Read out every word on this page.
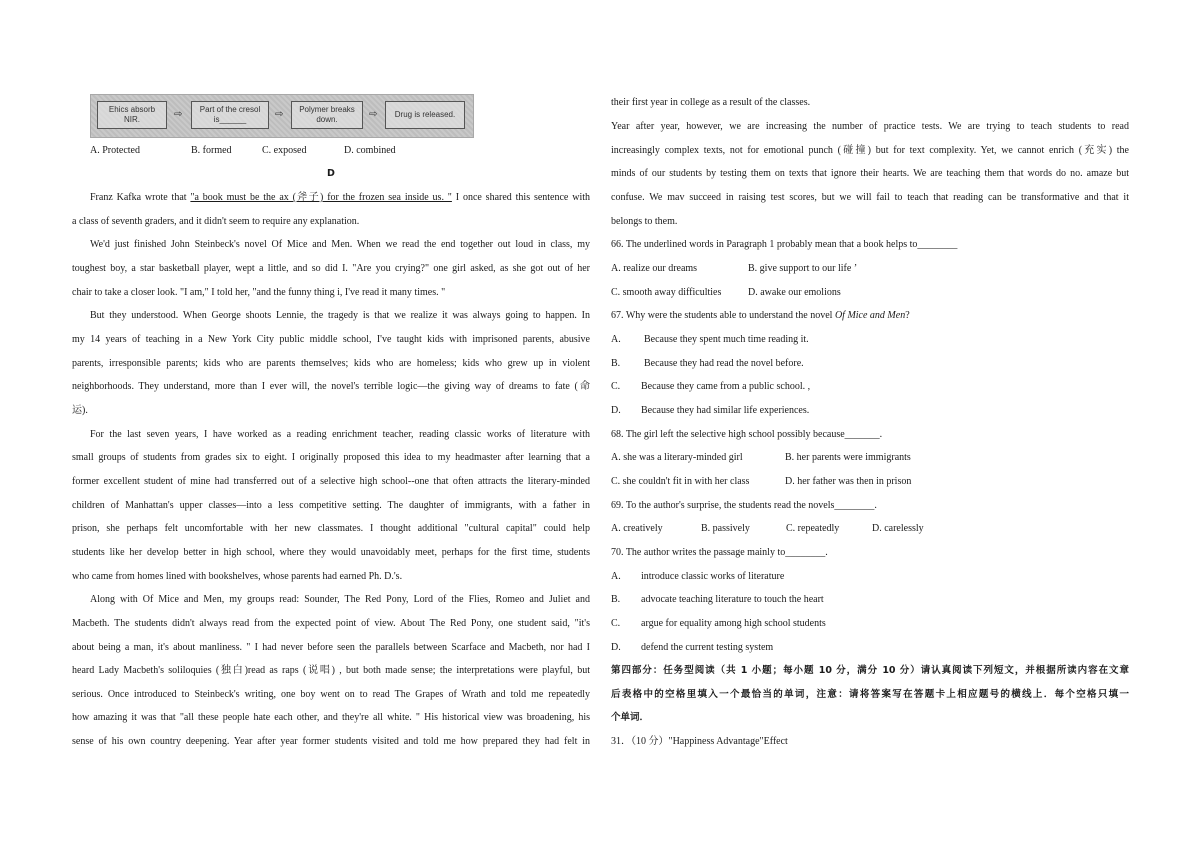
Ehics absorb NIR.	⇨ Part of the cresol
is______	⇨ Polymer breaks
down.	⇨ Drug is released.
A. Protected	B. formed	C. exposed	D. combined
D
Franz Kafka wrote that "a book must be the ax (斧子) for the frozen sea inside us. " I once shared this sentence with
a class of seventh graders, and it didn't seem to require any explanation.
We'd just finished John Steinbeck's novel Of Mice and Men. When we read the end together out loud in class, my
toughest boy, a star basketball player, wept a little, and so did I. "Are you crying?" one girl asked, as she got out of her
chair to take a closer look. "I am," I told her, "and the funny thing i, I've read it many times. "
But they understood. When George shoots Lennie, the tragedy is that we realize it was always going to happen. In
my 14 years of teaching in a New York City public middle school, I've taught kids with imprisoned parents, abusive
parents, irresponsible parents; kids who are parents themselves; kids who are homeless; kids who grew up in violent
neighborhoods. They understand, more than I ever will, the novel's terrible logic—the giving way of dreams to fate (命
运).
For the last seven years, I have worked as a reading enrichment teacher, reading classic works of literature with
small groups of students from grades six to eight. I originally proposed this idea to my headmaster after learning that a
former excellent student of mine had transferred out of a selective high school--one that often attracts the literary-minded
children of Manhattan's upper classes—into a less competitive setting. The daughter of immigrants, with a father in
prison, she perhaps felt uncomfortable with her new classmates. I thought additional "cultural capital" could help
students like her develop better in high school, where they would unavoidably meet, perhaps for the first time, students
who came from homes lined with bookshelves, whose parents had earned Ph. D.'s.
Along with Of Mice and Men, my groups read: Sounder, The Red Pony, Lord of the Flies, Romeo and Juliet and
Macbeth. The students didn't always read from the expected point of view. About The Red Pony, one student said, "it's
about being a man, it's about manliness. " I had never before seen the parallels between Scarface and Macbeth, nor had I
heard Lady Macbeth's soliloquies (独白)read as raps (说唱) , but both made sense; the interpretations were playful, but
serious. Once introduced to Steinbeck's writing, one boy went on to read The Grapes of Wrath and told me repeatedly
how amazing it was that "all these people hate each other, and they're all white. " His historical view was broadening, his
sense of his own country deepening. Year after year former students visited and told me how prepared they had felt in
their first year in college as a result of the classes.
Year after year, however, we are increasing the number of practice tests. We are trying to teach students to read
increasingly complex texts, not for emotional punch (碰撞) but for text complexity. Yet, we cannot enrich (充实) the
minds of our students by testing them on texts that ignore their hearts. We are teaching them that words do no. amaze but
confuse. We mav succeed in raising test scores, but we will fail to teach that reading can be transformative and that it
belongs to them.
66. The underlined words in Paragraph 1 probably mean that a book helps to________
A. realize our dreams	B. give support to our life ’
C. smooth away difficulties	D. awake our emolions
67. Why were the students able to understand the novel Of Mice and Men?
A. Because they spent much time reading it.
B. Because they had read the novel before.
C. Because they came from a public school. ,
D. Because they had similar life experiences.
68. The girl left the selective high school possibly because_______.
A. she was a literary-minded girl	B. her parents were immigrants
C. she couldn't fit in with her class	D. her father was then in prison
69. To the author's surprise, the students read the novels________.
A. creatively	B. passively	C. repeatedly	D. carelessly
70. The author writes the passage mainly to________.
A. introduce classic works of literature
B. advocate teaching literature to touch the heart
C. argue for equality among high school students
D. defend the current testing system
第四部分：任务型阅读（共 1 小题；每小题 10 分，满分 10 分）请认真阅读下列短文，并根据所读内容在文章
后表格中的空格里填入一个最恰当的单词，注意：请将答案写在答题卡上相应题号的横线上．每个空格只填一
个单词．
31．（10 分）"Happiness Advantage"Effect
